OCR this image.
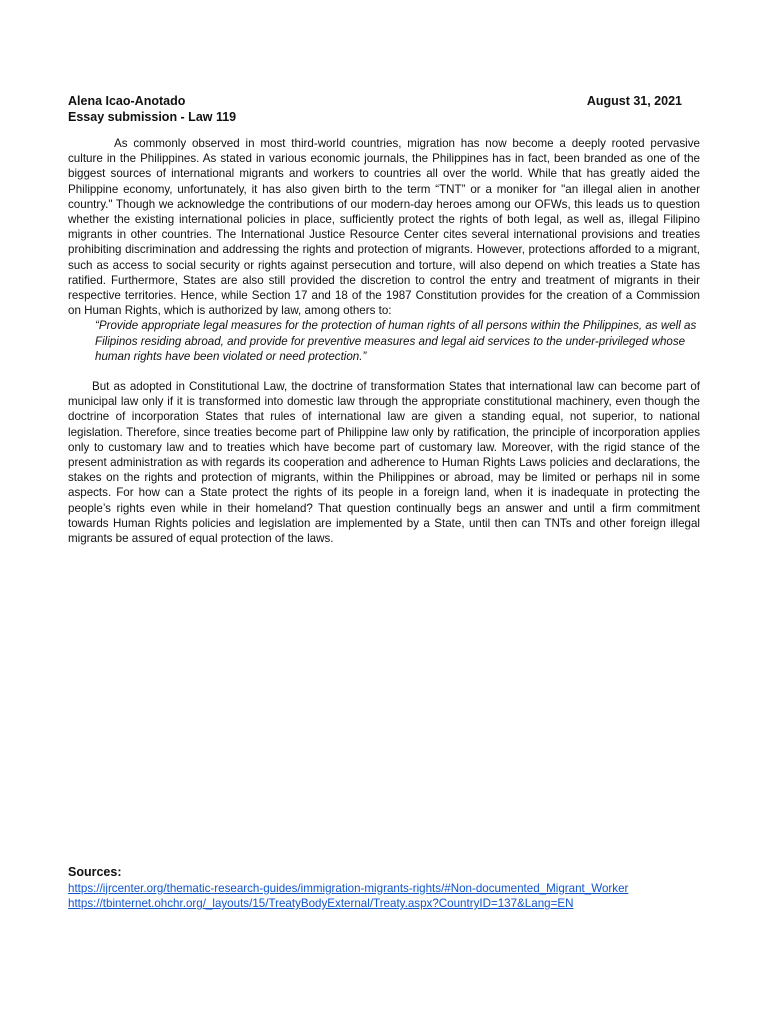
Alena Icao-Anotado	August 31, 2021
Essay submission - Law 119

As commonly observed in most third-world countries, migration has now become a deeply rooted pervasive culture in the Philippines. As stated in various economic journals, the Philippines has in fact, been branded as one of the biggest sources of international migrants and workers to countries all over the world. While that has greatly aided the Philippine economy, unfortunately, it has also given birth to the term “TNT” or a moniker for "an illegal alien in another country." Though we acknowledge the contributions of our modern-day heroes among our OFWs, this leads us to question whether the existing international policies in place, sufficiently protect the rights of both legal, as well as, illegal Filipino migrants in other countries. The International Justice Resource Center cites several international provisions and treaties prohibiting discrimination and addressing the rights and protection of migrants. However, protections afforded to a migrant, such as access to social security or rights against persecution and torture, will also depend on which treaties a State has ratified. Furthermore, States are also still provided the discretion to control the entry and treatment of migrants in their respective territories. Hence, while Section 17 and 18 of the 1987 Constitution provides for the creation of a Commission on Human Rights, which is authorized by law, among others to:

“Provide appropriate legal measures for the protection of human rights of all persons within the Philippines, as well as Filipinos residing abroad, and provide for preventive measures and legal aid services to the under-privileged whose human rights have been violated or need protection.”

But as adopted in Constitutional Law, the doctrine of transformation States that international law can become part of municipal law only if it is transformed into domestic law through the appropriate constitutional machinery, even though the doctrine of incorporation States that rules of international law are given a standing equal, not superior, to national legislation. Therefore, since treaties become part of Philippine law only by ratification, the principle of incorporation applies only to customary law and to treaties which have become part of customary law. Moreover, with the rigid stance of the present administration as with regards its cooperation and adherence to Human Rights Laws policies and declarations, the stakes on the rights and protection of migrants, within the Philippines or abroad, may be limited or perhaps nil in some aspects. For how can a State protect the rights of its people in a foreign land, when it is inadequate in protecting the people’s rights even while in their homeland? That question continually begs an answer and until a firm commitment towards Human Rights policies and legislation are implemented by a State, until then can TNTs and other foreign illegal migrants be assured of equal protection of the laws.

Sources:
https://ijrcenter.org/thematic-research-guides/immigration-migrants-rights/#Non-documented_Migrant_Worker
https://tbinternet.ohchr.org/_layouts/15/TreatyBodyExternal/Treaty.aspx?CountryID=137&Lang=EN
